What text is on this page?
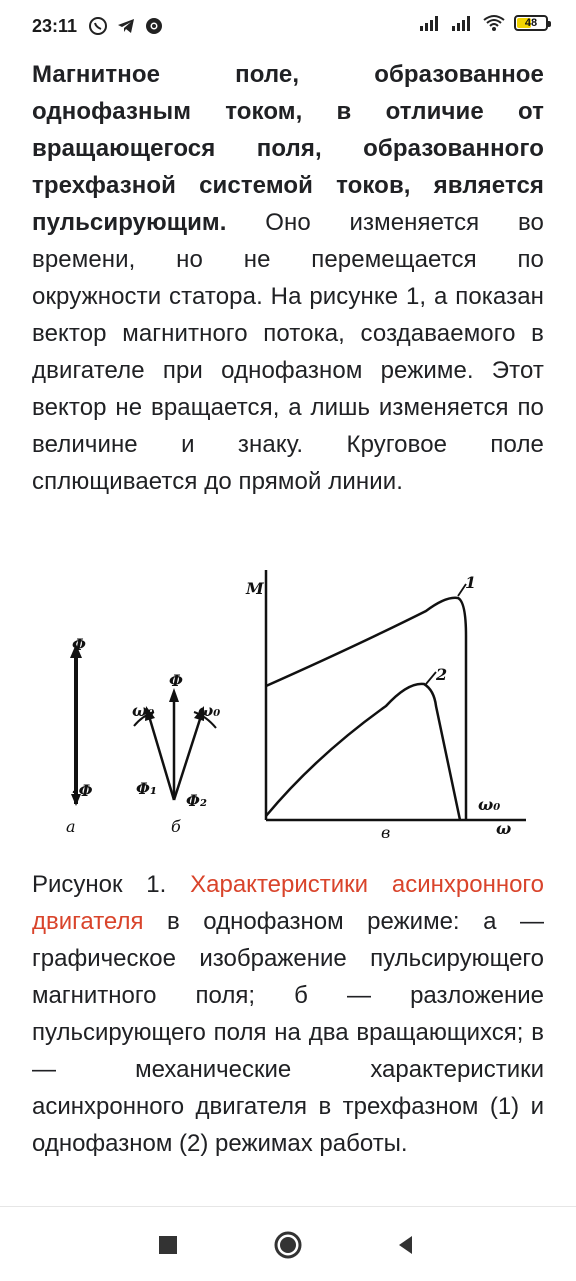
23:11	48

Магнитное поле, образованное однофазным током, в отличие от вращающегося поля, образованного трехфазной системой токов, является пульсирующим. Оно изменяется во времени, но не перемещается по окружности статора. На рисунке 1, а показан вектор магнитного потока, создаваемого в двигателе при однофазном режиме. Этот вектор не вращается, а лишь изменяется по величине и знаку. Круговое поле сплющивается до прямой линии.

Φ
-Φ
а
Φ
ω₀	ω₀
Φ₁
Φ₂
б
M
ω
ω₀
в
1
2

Рисунок 1. Характеристики асинхронного двигателя в однофазном режиме: а — графическое изображение пульсирующего магнитного поля; б — разложение пульсирующего поля на два вращающихся; в — механические характеристики асинхронного двигателя в трехфазном (1) и однофазном (2) режимах работы.
